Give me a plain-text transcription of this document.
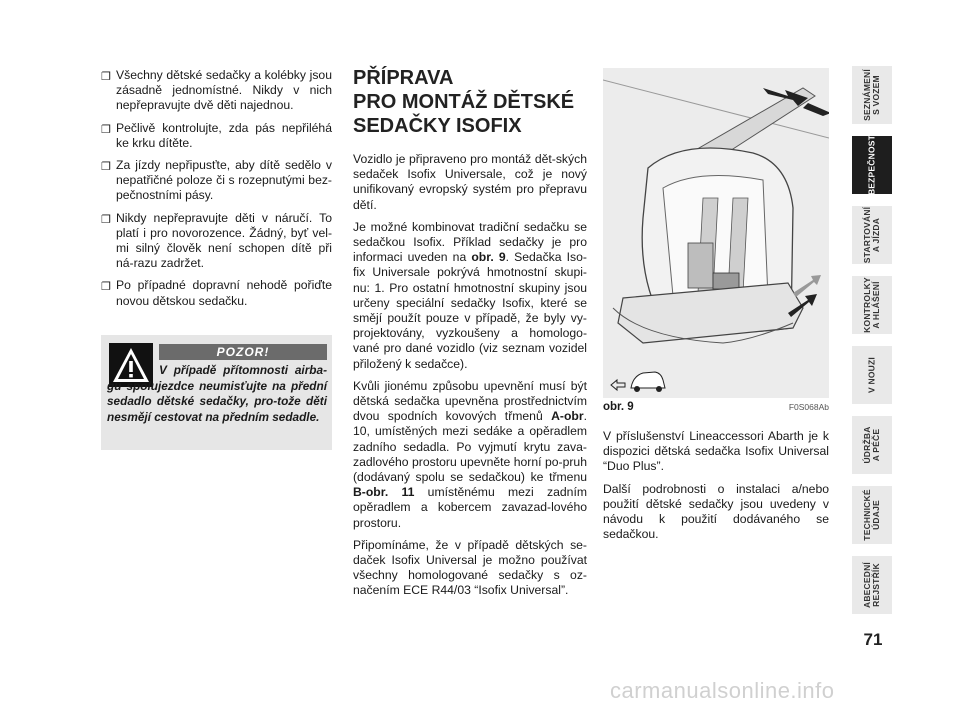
❐ Všechny dětské sedačky a kolébky jsou zásadně jednomístné. Nikdy v nich nepřepravujte dvě děti najednou.
❐ Pečlivě kontrolujte, zda pás nepřiléhá ke krku dítěte.
❐ Za jízdy nepřipusťte, aby dítě sedělo v nepatřičné poloze či s rozepnutými bez-pečnostními pásy.
❐ Nikdy nepřepravujte děti v náručí. To platí i pro novorozence. Žádný, byť vel-mi silný člověk není schopen dítě při ná-razu zadržet.
❐ Po případné dopravní nehodě pořiďte novou dětskou sedačku.
POZOR!
V případě přítomnosti airba-gu spolujezdce neumisťujte na přední sedadlo dětské sedačky, pro-tože děti nesmějí cestovat na předním sedadle.
PŘÍPRAVA
PRO MONTÁŽ DĚTSKÉ
SEDAČKY ISOFIX

Vozidlo je připraveno pro montáž dět-ských sedaček Isofix Universale, což je nový unifikovaný evropský systém pro přepravu dětí.

Je možné kombinovat tradiční sedačku se sedačkou Isofix. Příklad sedačky je pro informaci uveden na obr. 9. Sedačka Iso-fix Universale pokrývá hmotnostní skupi-nu: 1. Pro ostatní hmotnostní skupiny jsou určeny speciální sedačky Isofix, které se smějí použít pouze v případě, že byly vy-projektovány, vyzkoušeny a homologo-vané pro dané vozidlo (viz seznam vozidel přiložený k sedačce).

Kvůli jionému způsobu upevnění musí být dětská sedačka upevněna prostřednictvím dvou spodních kovových třmenů A-obr. 10, umístěných mezi sedáke a opěradlem zadního sedadla. Po vyjmutí krytu zava-zadlového prostoru upevněte horní po-pruh (dodávaný spolu se sedačkou) ke třmenu B-obr. 11 umístěnému mezi zadním opěradlem a kobercem zavazad-lového prostoru.

Připomínáme, že v případě dětských se-daček Isofix Universal je možno používat všechny homologované sedačky s oz-načením ECE R44/03 “Isofix Universal”.

obr. 9	F0S068Ab

V příslušenství Lineaccessori Abarth je k dispozici dětská sedačka Isofix Universal “Duo Plus”.

Další podrobnosti o instalaci a/nebo použití dětské sedačky jsou uvedeny v návodu k použití dodávaného se sedačkou.

SEZNÁMENÍ
S VOZEM
BEZPEČNOST
STARTOVÁNÍ
A JÍZDA
KONTROLKY
A HLÁŠENÍ
V NOUZI
ÚDRŽBA
A PÉČE
TECHNICKÉ
ÚDAJE
ABECEDNÍ
REJSTŘÍK
71
carmanualsonline.info
